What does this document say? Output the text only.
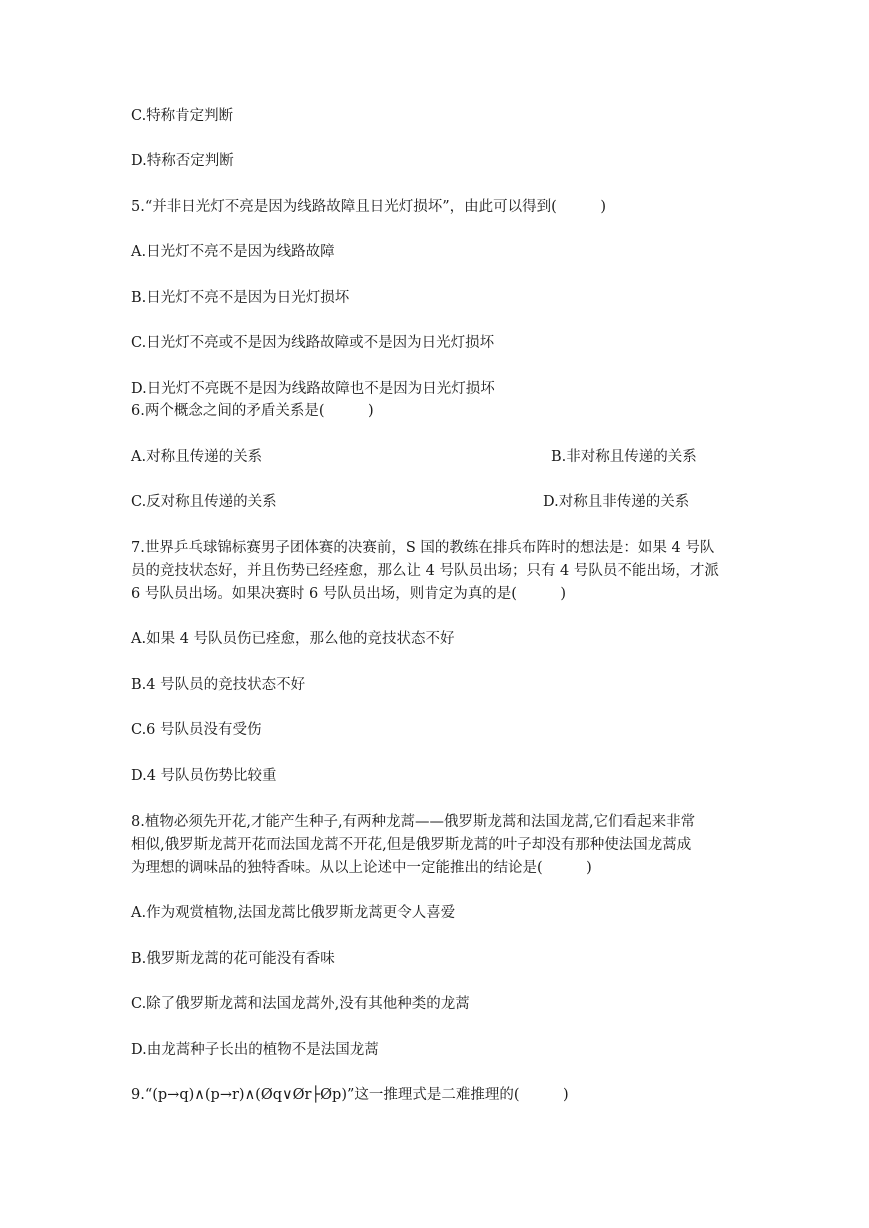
C.特称肯定判断
D.特称否定判断
5.“并非日光灯不亮是因为线路故障且日光灯损坏”，由此可以得到(　　　)
A.日光灯不亮不是因为线路故障
B.日光灯不亮不是因为日光灯损坏
C.日光灯不亮或不是因为线路故障或不是因为日光灯损坏
D.日光灯不亮既不是因为线路故障也不是因为日光灯损坏
6.两个概念之间的矛盾关系是(　　　)
A.对称且传递的关系	B.非对称且传递的关系
C.反对称且传递的关系	D.对称且非传递的关系
7.世界乒乓球锦标赛男子团体赛的决赛前，S 国的教练在排兵布阵时的想法是：如果 4 号队
员的竞技状态好，并且伤势已经痊愈，那么让 4 号队员出场；只有 4 号队员不能出场，才派
6 号队员出场。如果决赛时 6 号队员出场，则肯定为真的是(　　　)
A.如果 4 号队员伤已痊愈，那么他的竞技状态不好
B.4 号队员的竞技状态不好
C.6 号队员没有受伤
D.4 号队员伤势比较重
8.植物必须先开花,才能产生种子,有两种龙蒿——俄罗斯龙蒿和法国龙蒿,它们看起来非常
相似,俄罗斯龙蒿开花而法国龙蒿不开花,但是俄罗斯龙蒿的叶子却没有那种使法国龙蒿成
为理想的调味品的独特香味。从以上论述中一定能推出的结论是(　　　)
A.作为观赏植物,法国龙蒿比俄罗斯龙蒿更令人喜爱
B.俄罗斯龙蒿的花可能没有香味
C.除了俄罗斯龙蒿和法国龙蒿外,没有其他种类的龙蒿
D.由龙蒿种子长出的植物不是法国龙蒿
9.“(p→q)∧(p→r)∧(Øq∨Ør├Øp)”这一推理式是二难推理的(　　　)
